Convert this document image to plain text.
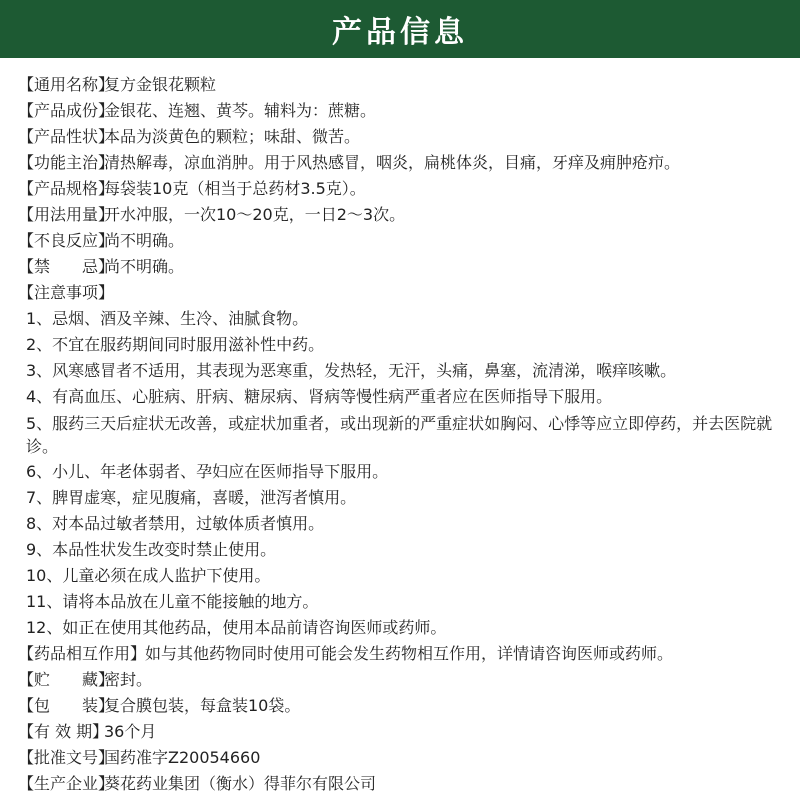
产品信息
【通用名称】复方金银花颗粒
【产品成份】金银花、连翘、黄芩。辅料为：蔗糖。
【产品性状】本品为淡黄色的颗粒；味甜、微苦。
【功能主治】清热解毒，凉血消肿。用于风热感冒，咽炎，扁桃体炎，目痛，牙痒及痈肿疮疖。
【产品规格】每袋装10克（相当于总药材3.5克）。
【用法用量】开水冲服，一次10～20克，一日2～3次。
【不良反应】尚不明确。
【禁　　忌】尚不明确。
【注意事项】
1、忌烟、酒及辛辣、生冷、油腻食物。
2、不宜在服药期间同时服用滋补性中药。
3、风寒感冒者不适用，其表现为恶寒重，发热轻，无汗，头痛，鼻塞，流清涕，喉痒咳嗽。
4、有高血压、心脏病、肝病、糖尿病、肾病等慢性病严重者应在医师指导下服用。
5、服药三天后症状无改善，或症状加重者，或出现新的严重症状如胸闷、心悸等应立即停药，并去医院就诊。
6、小儿、年老体弱者、孕妇应在医师指导下服用。
7、脾胃虚寒，症见腹痛，喜暖，泄泻者慎用。
8、对本品过敏者禁用，过敏体质者慎用。
9、本品性状发生改变时禁止使用。
10、儿童必须在成人监护下使用。
11、请将本品放在儿童不能接触的地方。
12、如正在使用其他药品，使用本品前请咨询医师或药师。
【药品相互作用】如与其他药物同时使用可能会发生药物相互作用，详情请咨询医师或药师。
【贮　　藏】密封。
【包　　装】复合膜包装，每盒装10袋。
【有 效 期】36个月
【批准文号】国药准字Z20054660
【生产企业】葵花药业集团（衡水）得菲尔有限公司
